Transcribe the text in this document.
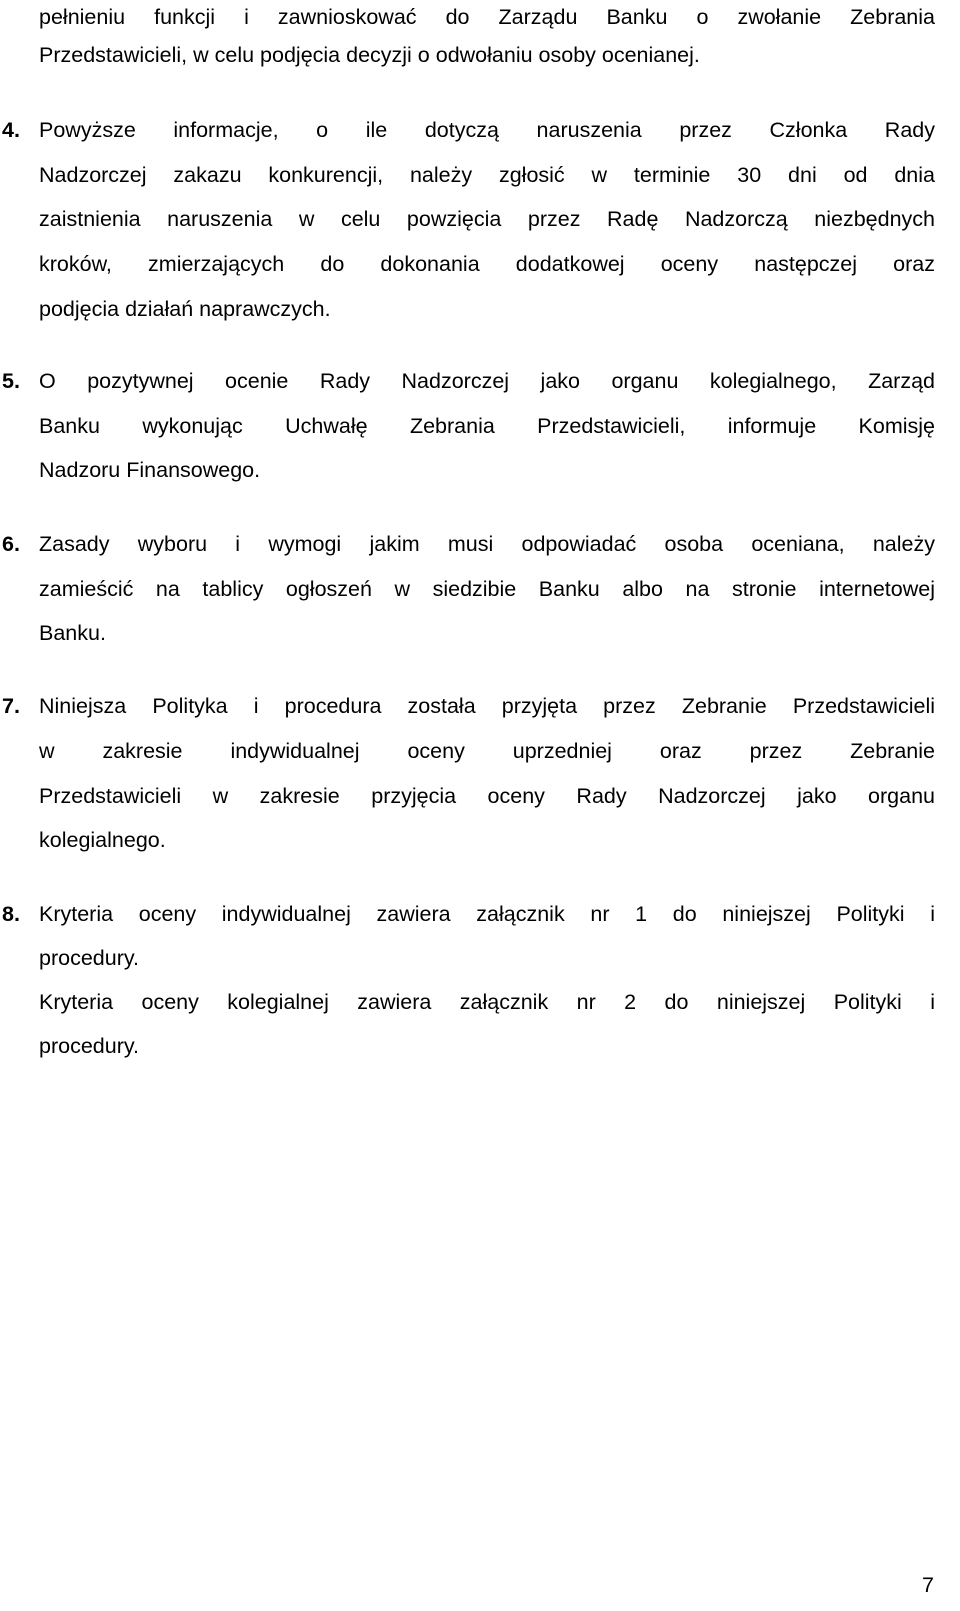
pełnieniu funkcji i zawnioskować do Zarządu Banku o zwołanie Zebrania
Przedstawicieli, w celu podjęcia decyzji o odwołaniu osoby ocenianej.
4. Powyższe informacje, o ile dotyczą naruszenia przez Członka Rady
Nadzorczej zakazu konkurencji, należy zgłosić w terminie 30 dni od dnia
zaistnienia naruszenia w celu powzięcia przez Radę Nadzorczą niezbędnych
kroków, zmierzających do dokonania dodatkowej oceny następczej oraz
podjęcia działań naprawczych.
5. O pozytywnej ocenie Rady Nadzorczej jako organu kolegialnego, Zarząd
Banku wykonując Uchwałę Zebrania Przedstawicieli, informuje Komisję
Nadzoru Finansowego.
6. Zasady wyboru i wymogi jakim musi odpowiadać osoba oceniana, należy
zamieścić na tablicy ogłoszeń w siedzibie Banku albo na stronie internetowej
Banku.
7. Niniejsza Polityka i procedura została przyjęta przez Zebranie Przedstawicieli
w zakresie indywidualnej oceny uprzedniej oraz przez Zebranie
Przedstawicieli w zakresie przyjęcia oceny Rady Nadzorczej jako organu
kolegialnego.
8. Kryteria oceny indywidualnej zawiera załącznik nr 1 do niniejszej Polityki i
procedury.
Kryteria oceny kolegialnej zawiera załącznik nr 2 do niniejszej Polityki i
procedury.
7
